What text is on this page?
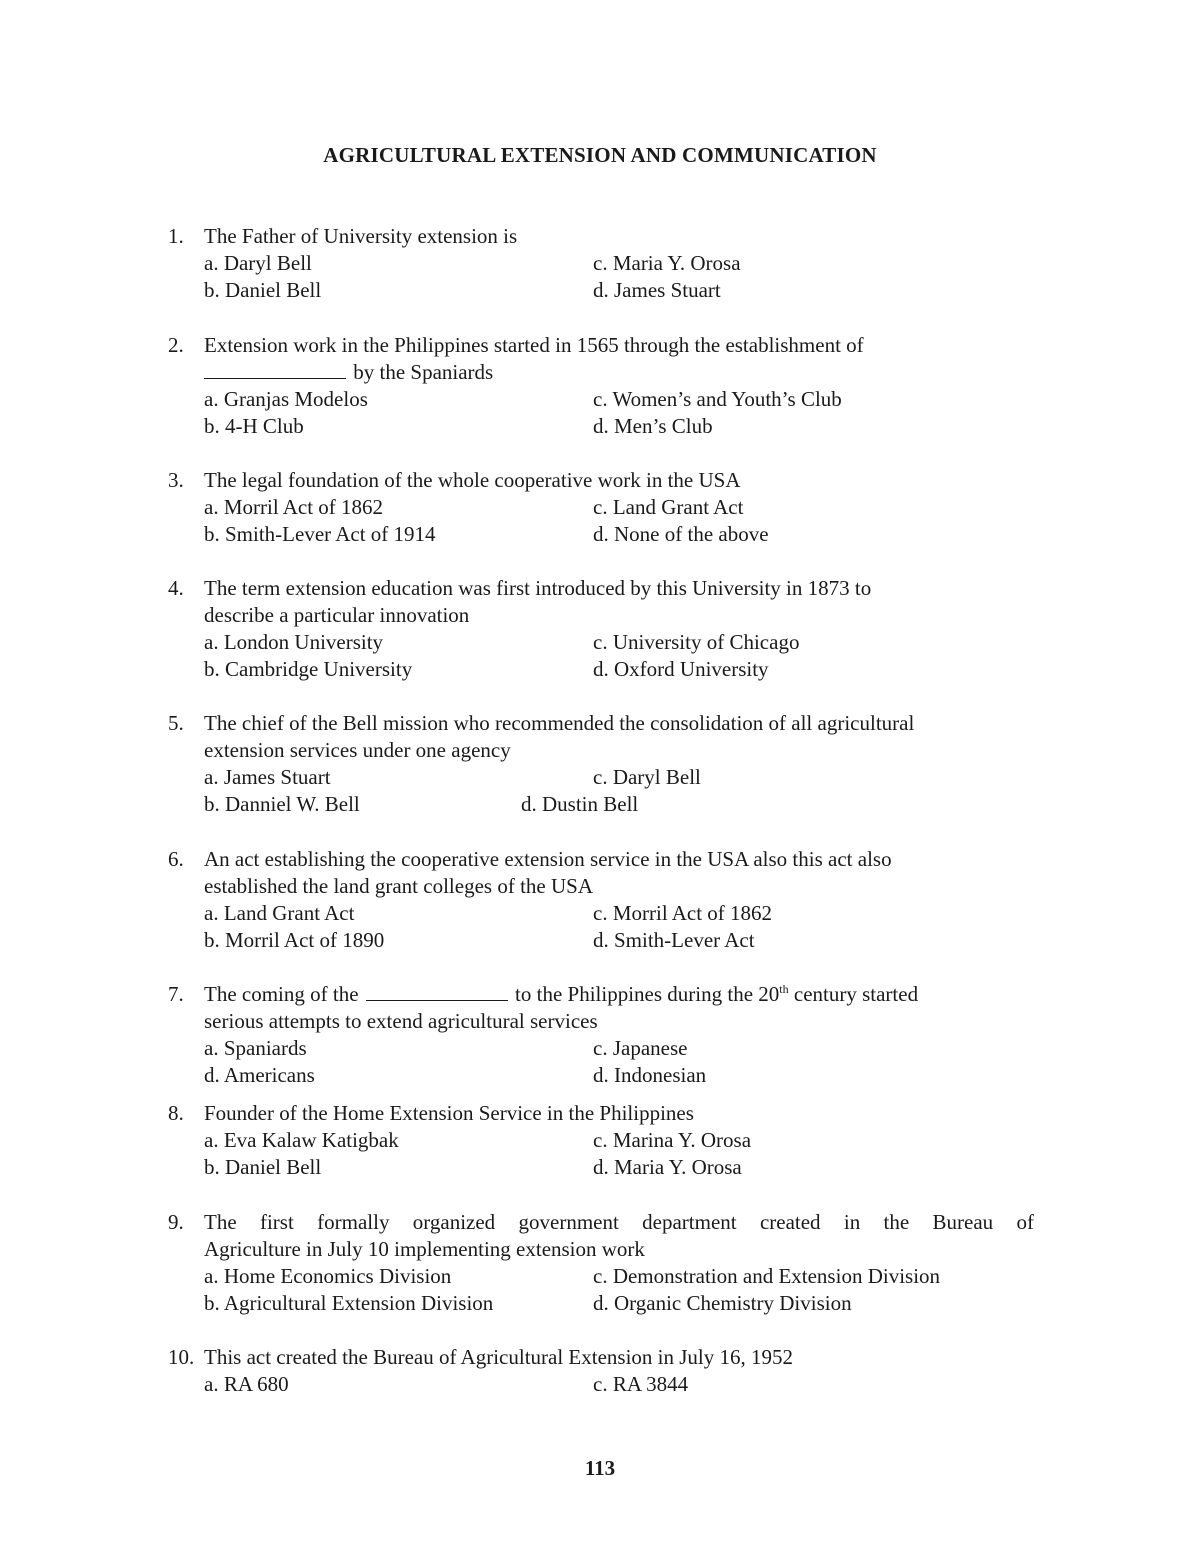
AGRICULTURAL EXTENSION AND COMMUNICATION
1. The Father of University extension is
a. Daryl Bell	c. Maria Y. Orosa
b. Daniel Bell	d. James Stuart
2. Extension work in the Philippines started in 1565 through the establishment of
by the Spaniards
a. Granjas Modelos	c. Women’s and Youth’s Club
b. 4-H Club	d. Men’s Club
3. The legal foundation of the whole cooperative work in the USA
a. Morril Act of 1862	c. Land Grant Act
b. Smith-Lever Act of 1914	d. None of the above
4. The term extension education was first introduced by this University in 1873 to
describe a particular innovation
a. London University	c. University of Chicago
b. Cambridge University	d. Oxford University
5. The chief of the Bell mission who recommended the consolidation of all agricultural
extension services under one agency
a. James Stuart	c. Daryl Bell
b. Danniel W. Bell	d. Dustin Bell
6. An act establishing the cooperative extension service in the USA also this act also
established the land grant colleges of the USA
a. Land Grant Act	c. Morril Act of 1862
b. Morril Act of 1890	d. Smith-Lever Act
7. The coming of the	to the Philippines during the 20th century started
serious attempts to extend agricultural services
a. Spaniards	c. Japanese
d. Americans	d. Indonesian
8. Founder of the Home Extension Service in the Philippines
a. Eva Kalaw Katigbak	c. Marina Y. Orosa
b. Daniel Bell	d. Maria Y. Orosa
9. The first formally organized government department created in the Bureau of
Agriculture in July 10 implementing extension work
a. Home Economics Division	c. Demonstration and Extension Division
b. Agricultural Extension Division	d. Organic Chemistry Division
10. This act created the Bureau of Agricultural Extension in July 16, 1952
a. RA 680	c. RA 3844
113
